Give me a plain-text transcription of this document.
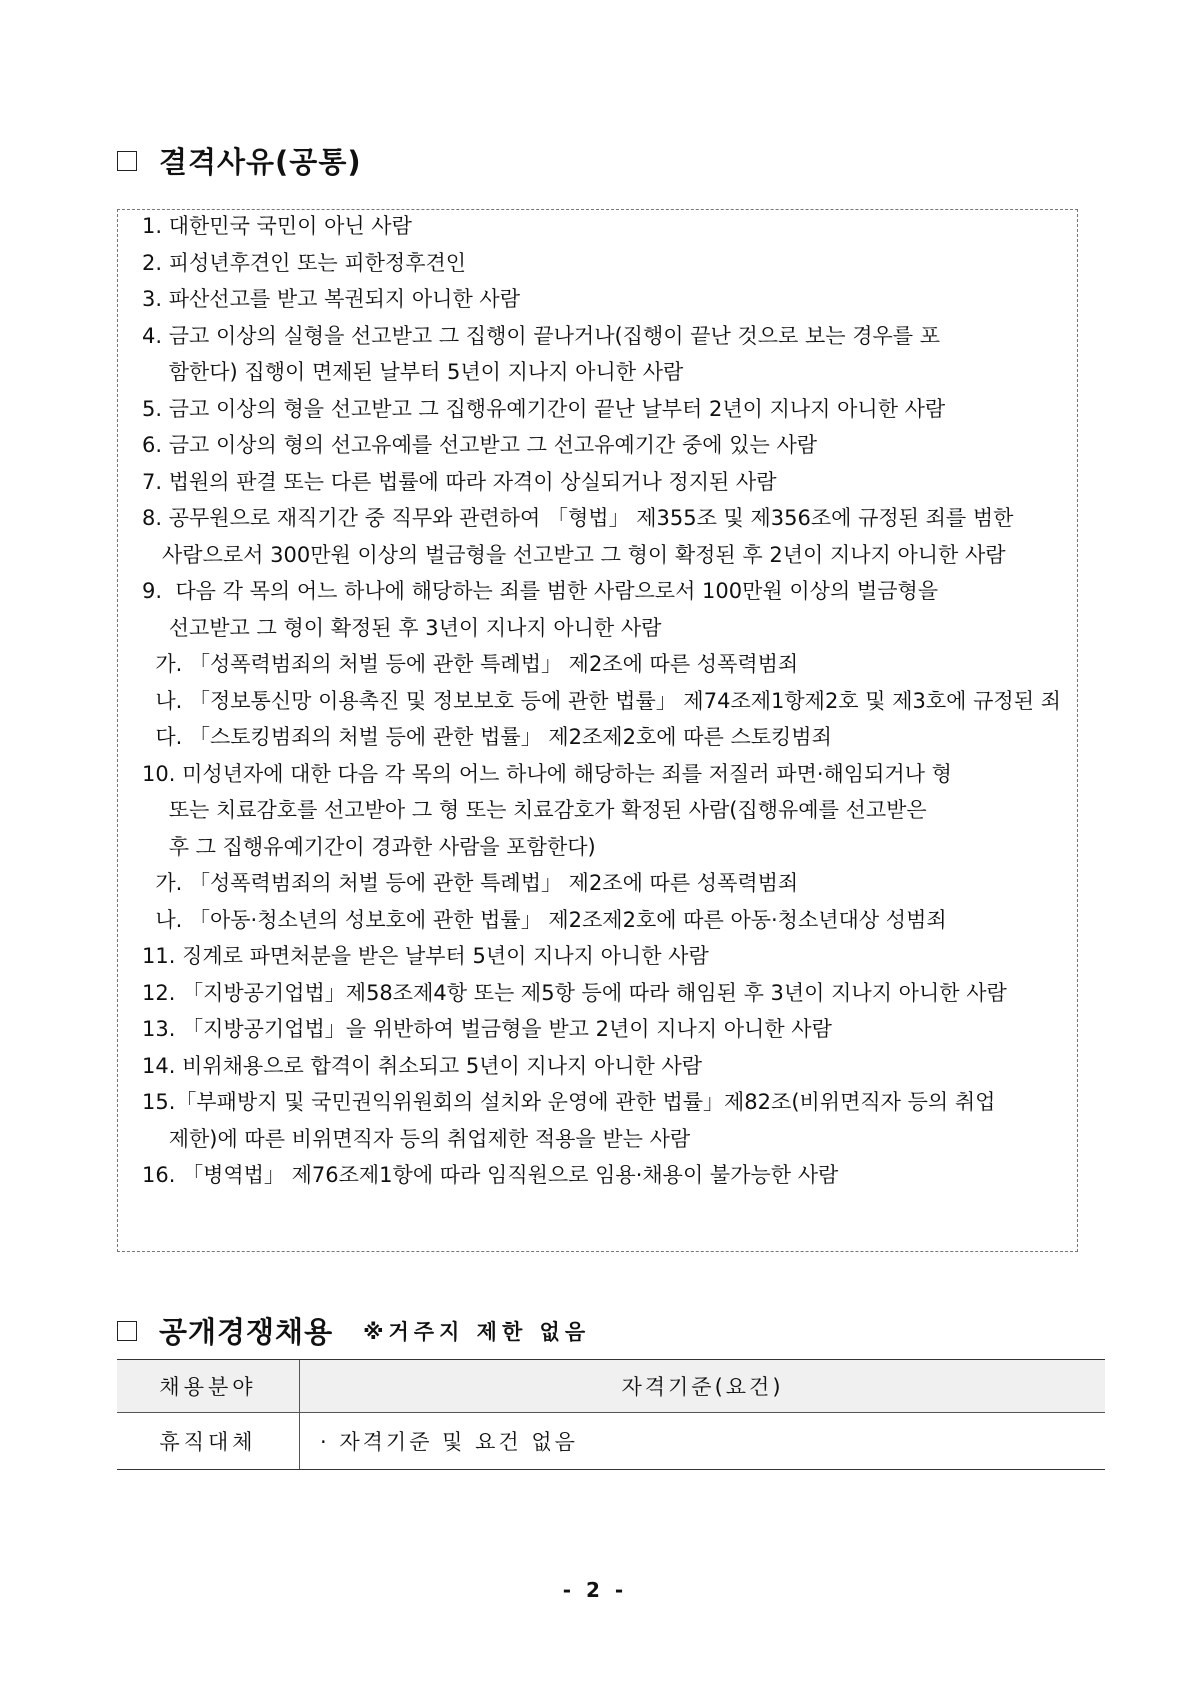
결격사유(공통)
1. 대한민국 국민이 아닌 사람
2. 피성년후견인 또는 피한정후견인
3. 파산선고를 받고 복권되지 아니한 사람
4. 금고 이상의 실형을 선고받고 그 집행이 끝나거나(집행이 끝난 것으로 보는 경우를 포
함한다) 집행이 면제된 날부터 5년이 지나지 아니한 사람
5. 금고 이상의 형을 선고받고 그 집행유예기간이 끝난 날부터 2년이 지나지 아니한 사람
6. 금고 이상의 형의 선고유예를 선고받고 그 선고유예기간 중에 있는 사람
7. 법원의 판결 또는 다른 법률에 따라 자격이 상실되거나 정지된 사람
8. 공무원으로 재직기간 중 직무와 관련하여 「형법」 제355조 및 제356조에 규정된 죄를 범한
사람으로서 300만원 이상의 벌금형을 선고받고 그 형이 확정된 후 2년이 지나지 아니한 사람
9.  다음 각 목의 어느 하나에 해당하는 죄를 범한 사람으로서 100만원 이상의 벌금형을
선고받고 그 형이 확정된 후 3년이 지나지 아니한 사람
가. 「성폭력범죄의 처벌 등에 관한 특례법」 제2조에 따른 성폭력범죄
나. 「정보통신망 이용촉진 및 정보보호 등에 관한 법률」 제74조제1항제2호 및 제3호에 규정된 죄
다. 「스토킹범죄의 처벌 등에 관한 법률」 제2조제2호에 따른 스토킹범죄
10. 미성년자에 대한 다음 각 목의 어느 하나에 해당하는 죄를 저질러 파면·해임되거나 형
또는 치료감호를 선고받아 그 형 또는 치료감호가 확정된 사람(집행유예를 선고받은
후 그 집행유예기간이 경과한 사람을 포함한다)
가. 「성폭력범죄의 처벌 등에 관한 특례법」 제2조에 따른 성폭력범죄
나. 「아동·청소년의 성보호에 관한 법률」 제2조제2호에 따른 아동·청소년대상 성범죄
11. 징계로 파면처분을 받은 날부터 5년이 지나지 아니한 사람
12. 「지방공기업법」제58조제4항 또는 제5항 등에 따라 해임된 후 3년이 지나지 아니한 사람
13. 「지방공기업법」을 위반하여 벌금형을 받고 2년이 지나지 아니한 사람
14. 비위채용으로 합격이 취소되고 5년이 지나지 아니한 사람
15.「부패방지 및 국민권익위원회의 설치와 운영에 관한 법률」제82조(비위면직자 등의 취업
제한)에 따른 비위면직자 등의 취업제한 적용을 받는 사람
16. 「병역법」 제76조제1항에 따라 임직원으로 임용·채용이 불가능한 사람
공개경쟁채용 ※거주지 제한 없음
채용분야	자격기준(요건)
휴직대체	· 자격기준 및 요건 없음
- 2 -
